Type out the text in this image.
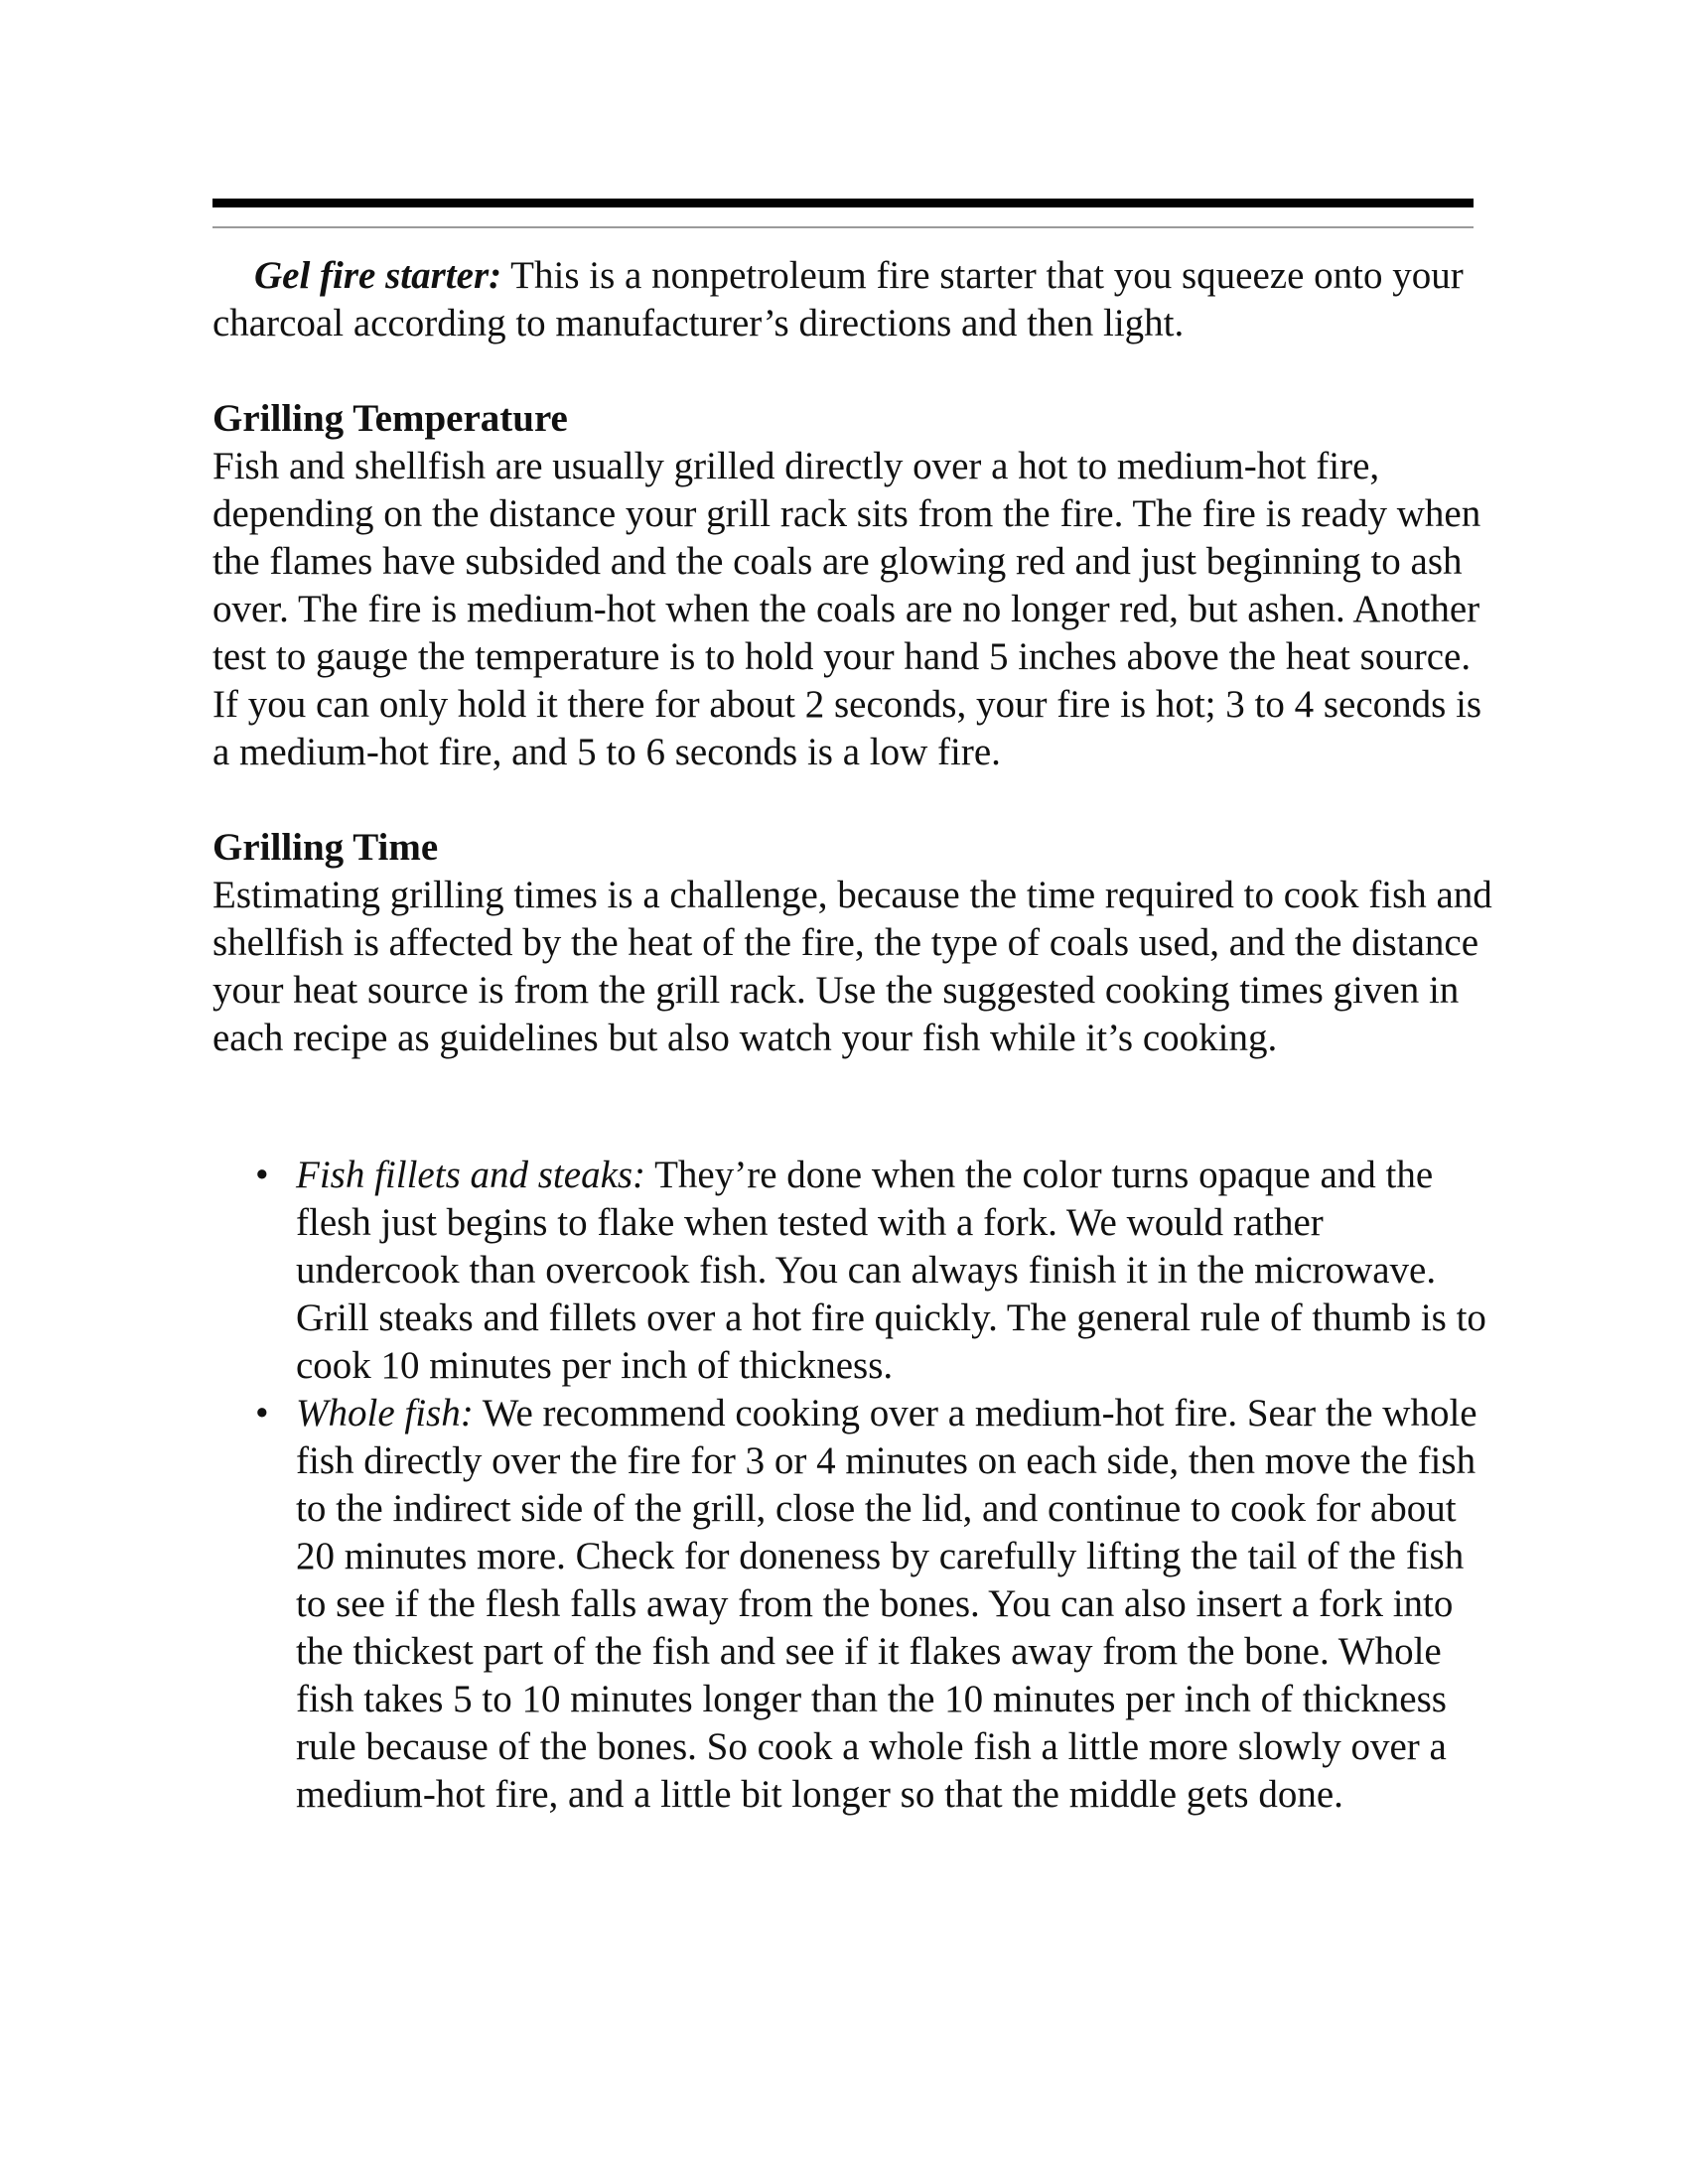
Gel fire starter: This is a nonpetroleum fire starter that you squeeze onto your charcoal according to manufacturer’s directions and then light.

Grilling Temperature

Fish and shellfish are usually grilled directly over a hot to medium-hot fire, depending on the distance your grill rack sits from the fire. The fire is ready when the flames have subsided and the coals are glowing red and just beginning to ash over. The fire is medium-hot when the coals are no longer red, but ashen. Another test to gauge the temperature is to hold your hand 5 inches above the heat source. If you can only hold it there for about 2 seconds, your fire is hot; 3 to 4 seconds is a medium-hot fire, and 5 to 6 seconds is a low fire.

Grilling Time

Estimating grilling times is a challenge, because the time required to cook fish and shellfish is affected by the heat of the fire, the type of coals used, and the distance your heat source is from the grill rack. Use the suggested cooking times given in each recipe as guidelines but also watch your fish while it’s cooking.

• Fish fillets and steaks: They’re done when the color turns opaque and the flesh just begins to flake when tested with a fork. We would rather undercook than overcook fish. You can always finish it in the microwave. Grill steaks and fillets over a hot fire quickly. The general rule of thumb is to cook 10 minutes per inch of thickness.
• Whole fish: We recommend cooking over a medium-hot fire. Sear the whole fish directly over the fire for 3 or 4 minutes on each side, then move the fish to the indirect side of the grill, close the lid, and continue to cook for about 20 minutes more. Check for doneness by carefully lifting the tail of the fish to see if the flesh falls away from the bones. You can also insert a fork into the thickest part of the fish and see if it flakes away from the bone. Whole fish takes 5 to 10 minutes longer than the 10 minutes per inch of thickness rule because of the bones. So cook a whole fish a little more slowly over a medium-hot fire, and a little bit longer so that the middle gets done.
